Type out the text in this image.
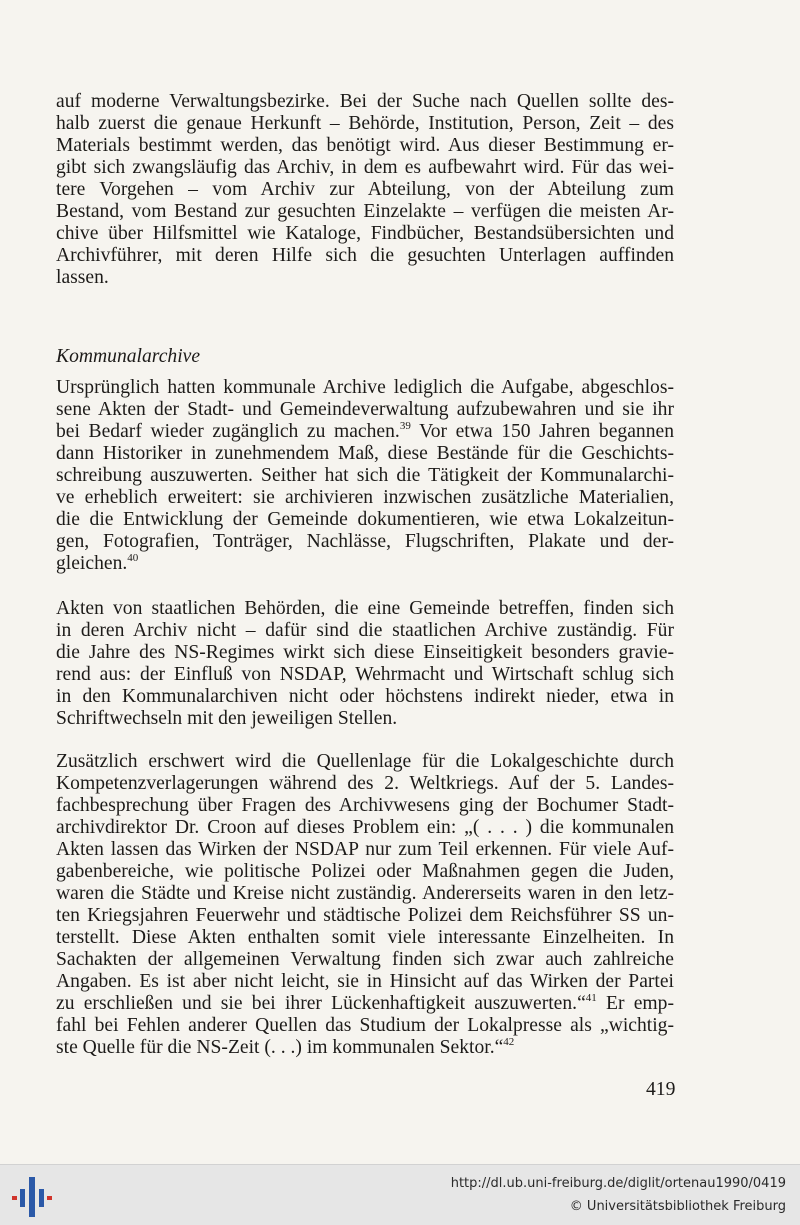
auf moderne Verwaltungsbezirke. Bei der Suche nach Quellen sollte des-
halb zuerst die genaue Herkunft – Behörde, Institution, Person, Zeit – des
Materials bestimmt werden, das benötigt wird. Aus dieser Bestimmung er-
gibt sich zwangsläufig das Archiv, in dem es aufbewahrt wird. Für das wei-
tere Vorgehen – vom Archiv zur Abteilung, von der Abteilung zum
Bestand, vom Bestand zur gesuchten Einzelakte – verfügen die meisten Ar-
chive über Hilfsmittel wie Kataloge, Findbücher, Bestandsübersichten und
Archivführer, mit deren Hilfe sich die gesuchten Unterlagen auffinden
lassen.
Kommunalarchive
Ursprünglich hatten kommunale Archive lediglich die Aufgabe, abgeschlos-
sene Akten der Stadt- und Gemeindeverwaltung aufzubewahren und sie ihr
bei Bedarf wieder zugänglich zu machen.$^{39}$ Vor etwa 150 Jahren begannen
dann Historiker in zunehmendem Maß, diese Bestände für die Geschichts-
schreibung auszuwerten. Seither hat sich die Tätigkeit der Kommunalarchi-
ve erheblich erweitert: sie archivieren inzwischen zusätzliche Materialien,
die die Entwicklung der Gemeinde dokumentieren, wie etwa Lokalzeitun-
gen, Fotografien, Tonträger, Nachlässe, Flugschriften, Plakate und der-
gleichen.$^{40}$
Akten von staatlichen Behörden, die eine Gemeinde betreffen, finden sich
in deren Archiv nicht – dafür sind die staatlichen Archive zuständig. Für
die Jahre des NS-Regimes wirkt sich diese Einseitigkeit besonders gravie-
rend aus: der Einfluß von NSDAP, Wehrmacht und Wirtschaft schlug sich
in den Kommunalarchiven nicht oder höchstens indirekt nieder, etwa in
Schriftwechseln mit den jeweiligen Stellen.
Zusätzlich erschwert wird die Quellenlage für die Lokalgeschichte durch
Kompetenzverlagerungen während des 2. Weltkriegs. Auf der 5. Landes-
fachbesprechung über Fragen des Archivwesens ging der Bochumer Stadt-
archivdirektor Dr. Croon auf dieses Problem ein: „( . . . ) die kommunalen
Akten lassen das Wirken der NSDAP nur zum Teil erkennen. Für viele Auf-
gabenbereiche, wie politische Polizei oder Maßnahmen gegen die Juden,
waren die Städte und Kreise nicht zuständig. Andererseits waren in den letz-
ten Kriegsjahren Feuerwehr und städtische Polizei dem Reichsführer SS un-
terstellt. Diese Akten enthalten somit viele interessante Einzelheiten. In
Sachakten der allgemeinen Verwaltung finden sich zwar auch zahlreiche
Angaben. Es ist aber nicht leicht, sie in Hinsicht auf das Wirken der Partei
zu erschließen und sie bei ihrer Lückenhaftigkeit auszuwerten.“$^{41}$ Er emp-
fahl bei Fehlen anderer Quellen das Studium der Lokalpresse als „wichtig-
ste Quelle für die NS-Zeit (. . .) im kommunalen Sektor.“$^{42}$
419
http://dl.ub.uni-freiburg.de/diglit/ortenau1990/0419
© Universitätsbibliothek Freiburg
